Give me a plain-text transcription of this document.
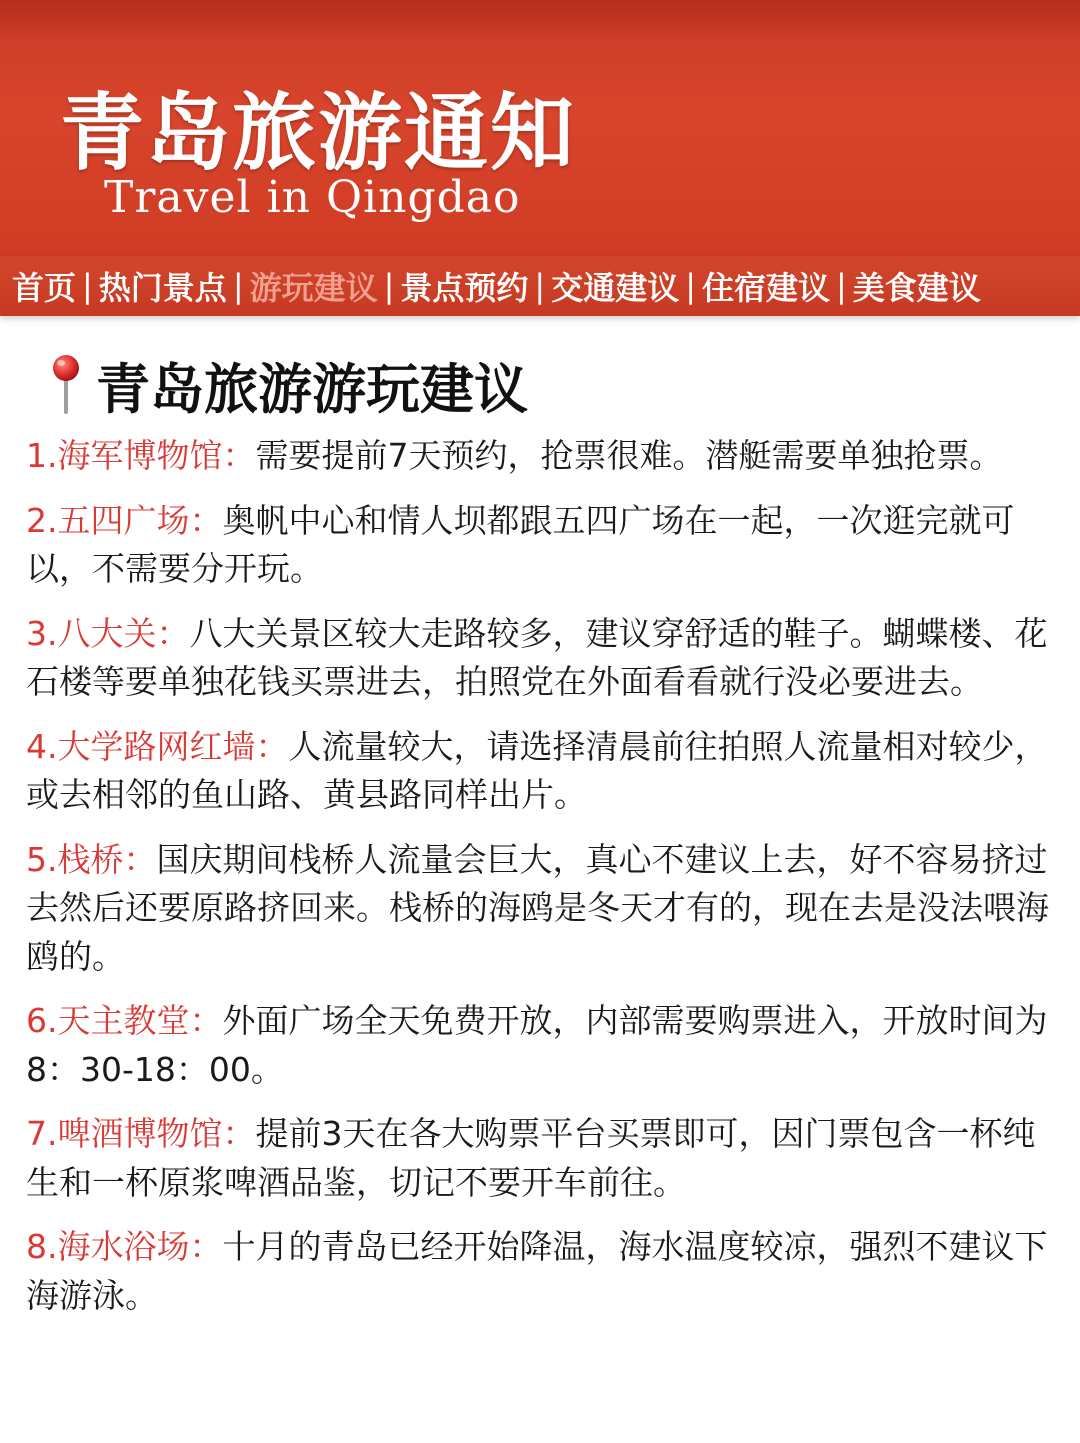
青岛旅游通知
Travel in Qingdao
首页 | 热门景点 | 游玩建议 | 景点预约 | 交通建议 | 住宿建议 | 美食建议
青岛旅游游玩建议
1.海军博物馆：需要提前7天预约，抢票很难。潜艇需要单独抢票。
2.五四广场：奥帆中心和情人坝都跟五四广场在一起，一次逛完就可以，不需要分开玩。
3.八大关：八大关景区较大走路较多，建议穿舒适的鞋子。蝴蝶楼、花石楼等要单独花钱买票进去，拍照党在外面看看就行没必要进去。
4.大学路网红墙：人流量较大，请选择清晨前往拍照人流量相对较少，或去相邻的鱼山路、黄县路同样出片。
5.栈桥：国庆期间栈桥人流量会巨大，真心不建议上去，好不容易挤过去然后还要原路挤回来。栈桥的海鸥是冬天才有的，现在去是没法喂海鸥的。
6.天主教堂：外面广场全天免费开放，内部需要购票进入，开放时间为8：30-18：00。
7.啤酒博物馆：提前3天在各大购票平台买票即可，因门票包含一杯纯生和一杯原浆啤酒品鉴，切记不要开车前往。
8.海水浴场：十月的青岛已经开始降温，海水温度较凉，强烈不建议下海游泳。
